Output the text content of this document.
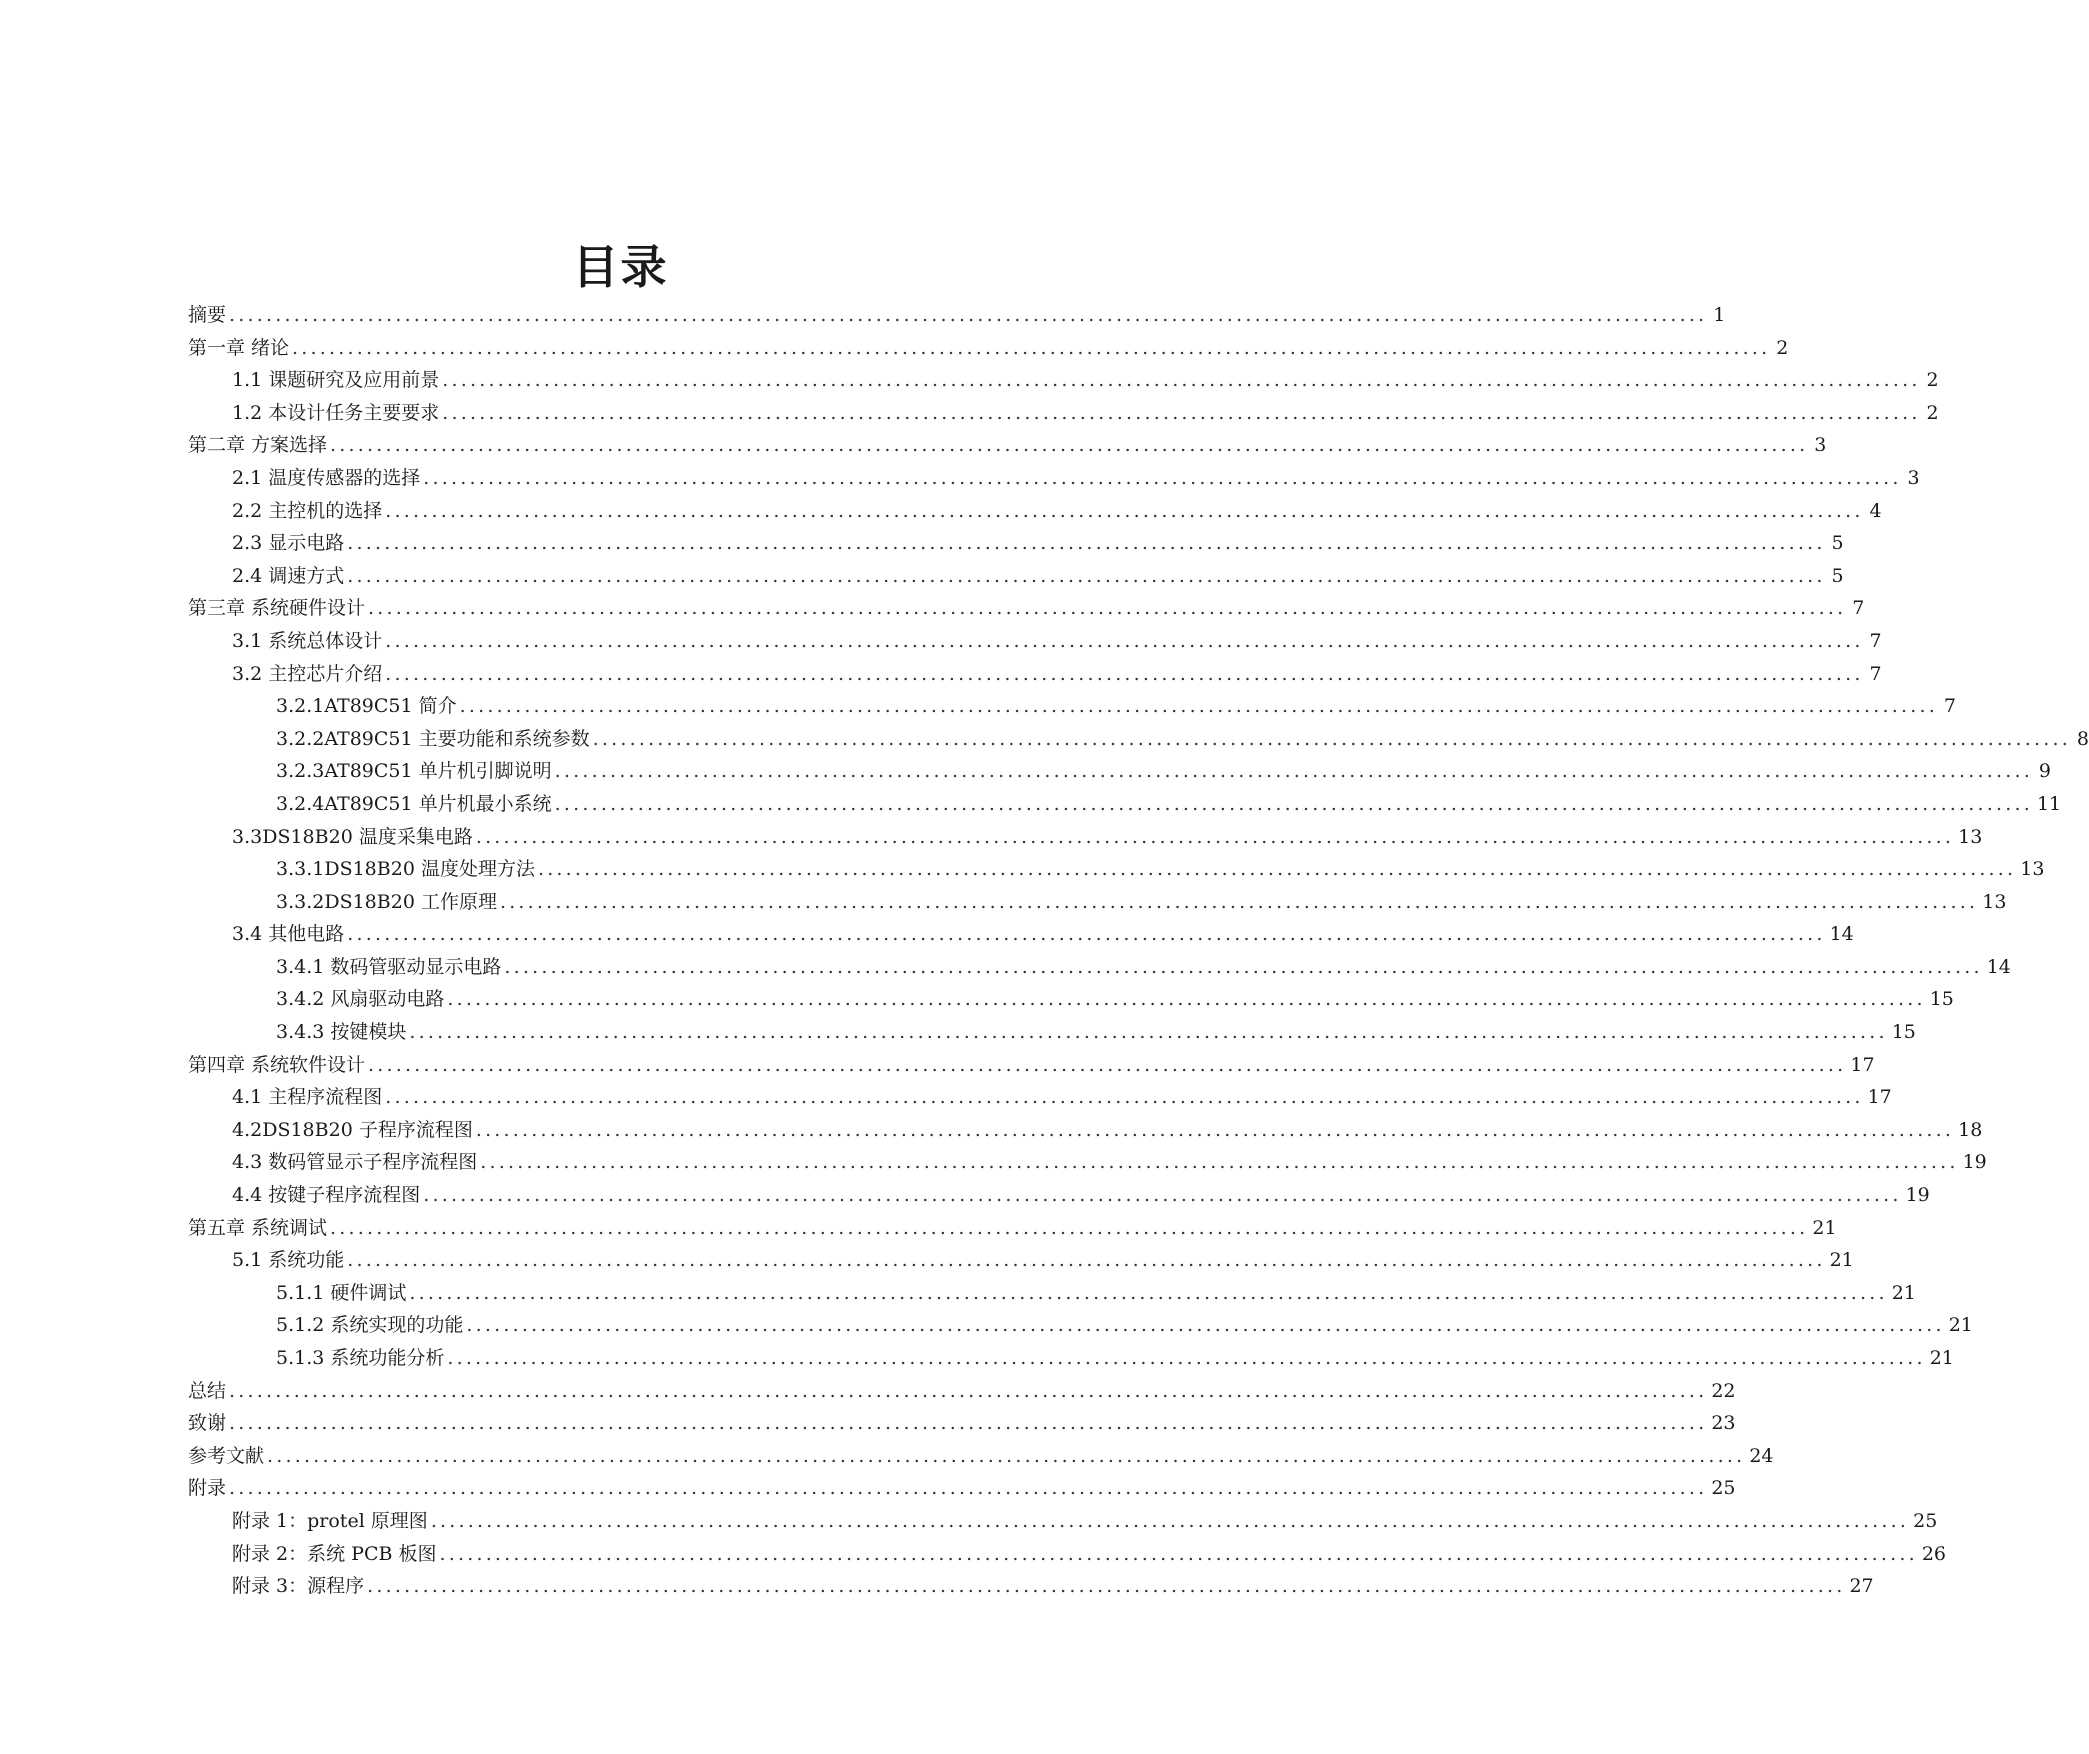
目录
摘要 ................................................................................................................................................................ 1
第一章 绪论 ................................................................................................................................................................ 2
1.1 课题研究及应用前景 ................................................................................................................................................................ 2
1.2 本设计任务主要要求 ................................................................................................................................................................ 2
第二章 方案选择 ................................................................................................................................................................ 3
2.1 温度传感器的选择 ................................................................................................................................................................ 3
2.2 主控机的选择 ................................................................................................................................................................ 4
2.3 显示电路 ................................................................................................................................................................ 5
2.4 调速方式 ................................................................................................................................................................ 5
第三章 系统硬件设计 ................................................................................................................................................................ 7
3.1 系统总体设计 ................................................................................................................................................................ 7
3.2 主控芯片介绍 ................................................................................................................................................................ 7
3.2.1AT89C51 简介 ................................................................................................................................................................ 7
3.2.2AT89C51 主要功能和系统参数 ................................................................................................................................................................ 8
3.2.3AT89C51 单片机引脚说明 ................................................................................................................................................................ 9
3.2.4AT89C51 单片机最小系统 ................................................................................................................................................................ 11
3.3DS18B20 温度采集电路 ................................................................................................................................................................ 13
3.3.1DS18B20 温度处理方法 ................................................................................................................................................................ 13
3.3.2DS18B20 工作原理 ................................................................................................................................................................ 13
3.4 其他电路 ................................................................................................................................................................ 14
3.4.1 数码管驱动显示电路 ................................................................................................................................................................ 14
3.4.2 风扇驱动电路 ................................................................................................................................................................ 15
3.4.3 按键模块 ................................................................................................................................................................ 15
第四章 系统软件设计 ................................................................................................................................................................ 17
4.1 主程序流程图 ................................................................................................................................................................ 17
4.2DS18B20 子程序流程图 ................................................................................................................................................................ 18
4.3 数码管显示子程序流程图 ................................................................................................................................................................ 19
4.4 按键子程序流程图 ................................................................................................................................................................ 19
第五章 系统调试 ................................................................................................................................................................ 21
5.1 系统功能 ................................................................................................................................................................ 21
5.1.1 硬件调试 ................................................................................................................................................................ 21
5.1.2 系统实现的功能 ................................................................................................................................................................ 21
5.1.3 系统功能分析 ................................................................................................................................................................ 21
总结 ................................................................................................................................................................ 22
致谢 ................................................................................................................................................................ 23
参考文献 ................................................................................................................................................................ 24
附录 ................................................................................................................................................................ 25
附录 1：protel 原理图 ................................................................................................................................................................ 25
附录 2：系统 PCB 板图 ................................................................................................................................................................ 26
附录 3：源程序 ................................................................................................................................................................ 27
